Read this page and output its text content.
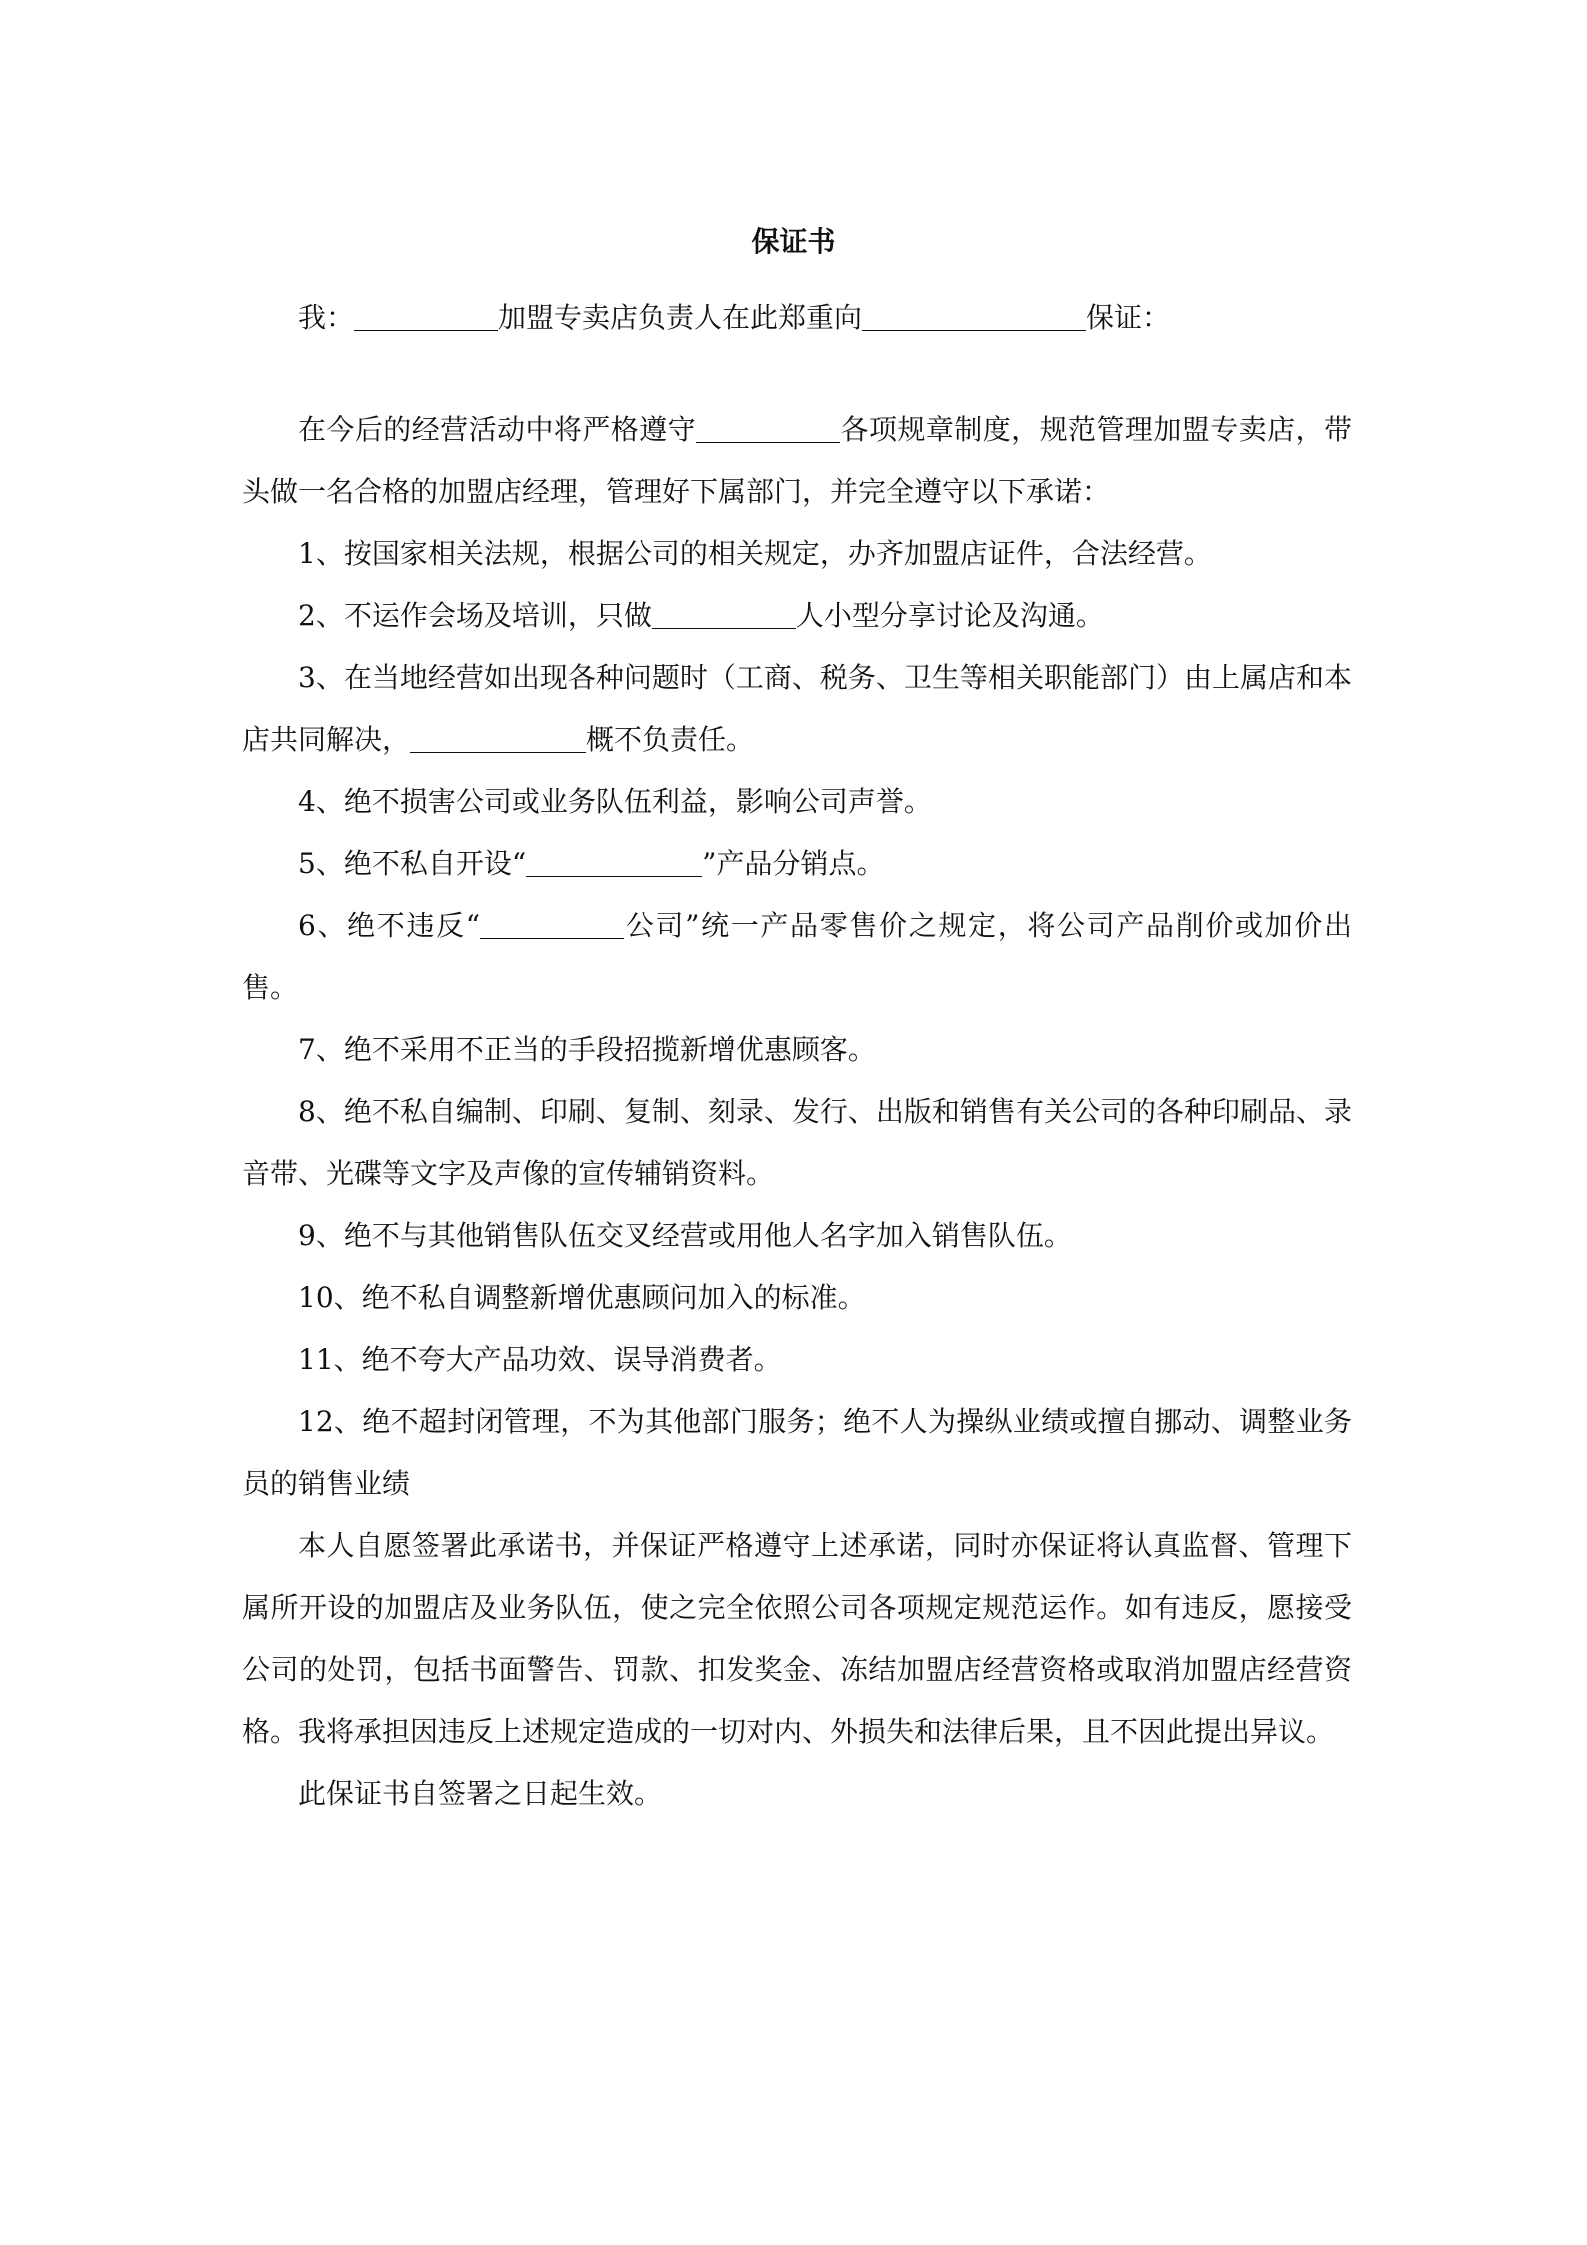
保证书

我：	加盟专卖店负责人在此郑重向	保证：

在今后的经营活动中将严格遵守	各项规章制度，规范管理加盟专卖店，带头做一名合格的加盟店经理，管理好下属部门，并完全遵守以下承诺：

1、按国家相关法规，根据公司的相关规定，办齐加盟店证件，合法经营。

2、不运作会场及培训，只做	人小型分享讨论及沟通。

3、在当地经营如出现各种问题时（工商、税务、卫生等相关职能部门）由上属店和本店共同解决，	概不负责任。

4、绝不损害公司或业务队伍利益，影响公司声誉。

5、绝不私自开设“	”产品分销点。

6、绝不违反“	公司”统一产品零售价之规定，将公司产品削价或加价出售。

7、绝不采用不正当的手段招揽新增优惠顾客。

8、绝不私自编制、印刷、复制、刻录、发行、出版和销售有关公司的各种印刷品、录音带、光碟等文字及声像的宣传辅销资料。

9、绝不与其他销售队伍交叉经营或用他人名字加入销售队伍。

10、绝不私自调整新增优惠顾问加入的标准。

11、绝不夸大产品功效、误导消费者。

12、绝不超封闭管理，不为其他部门服务；绝不人为操纵业绩或擅自挪动、调整业务员的销售业绩

本人自愿签署此承诺书，并保证严格遵守上述承诺，同时亦保证将认真监督、管理下属所开设的加盟店及业务队伍，使之完全依照公司各项规定规范运作。如有违反，愿接受公司的处罚，包括书面警告、罚款、扣发奖金、冻结加盟店经营资格或取消加盟店经营资格。我将承担因违反上述规定造成的一切对内、外损失和法律后果，且不因此提出异议。

此保证书自签署之日起生效。
